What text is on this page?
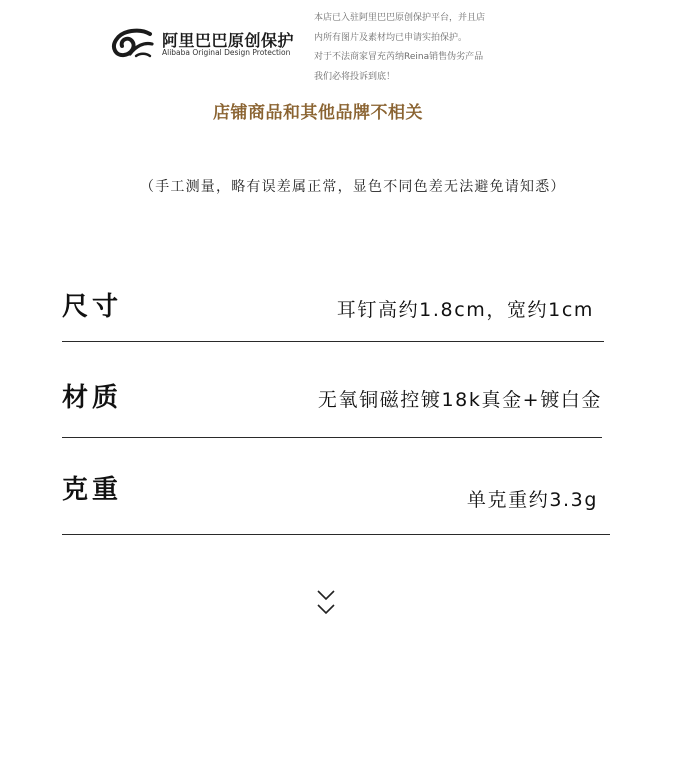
阿里巴巴原创保护
Alibaba Original Design Protection
本店已入驻阿里巴巴原创保护平台，并且店
内所有图片及素材均已申请实拍保护。
对于不法商家冒充芮纳Reina销售伪劣产品
我们必将投诉到底！
店铺商品和其他品牌不相关
（手工测量，略有误差属正常，显色不同色差无法避免请知悉）
尺寸	耳钉高约1.8cm，宽约1cm
材质	无氧铜磁控镀18k真金+镀白金
克重	单克重约3.3g
